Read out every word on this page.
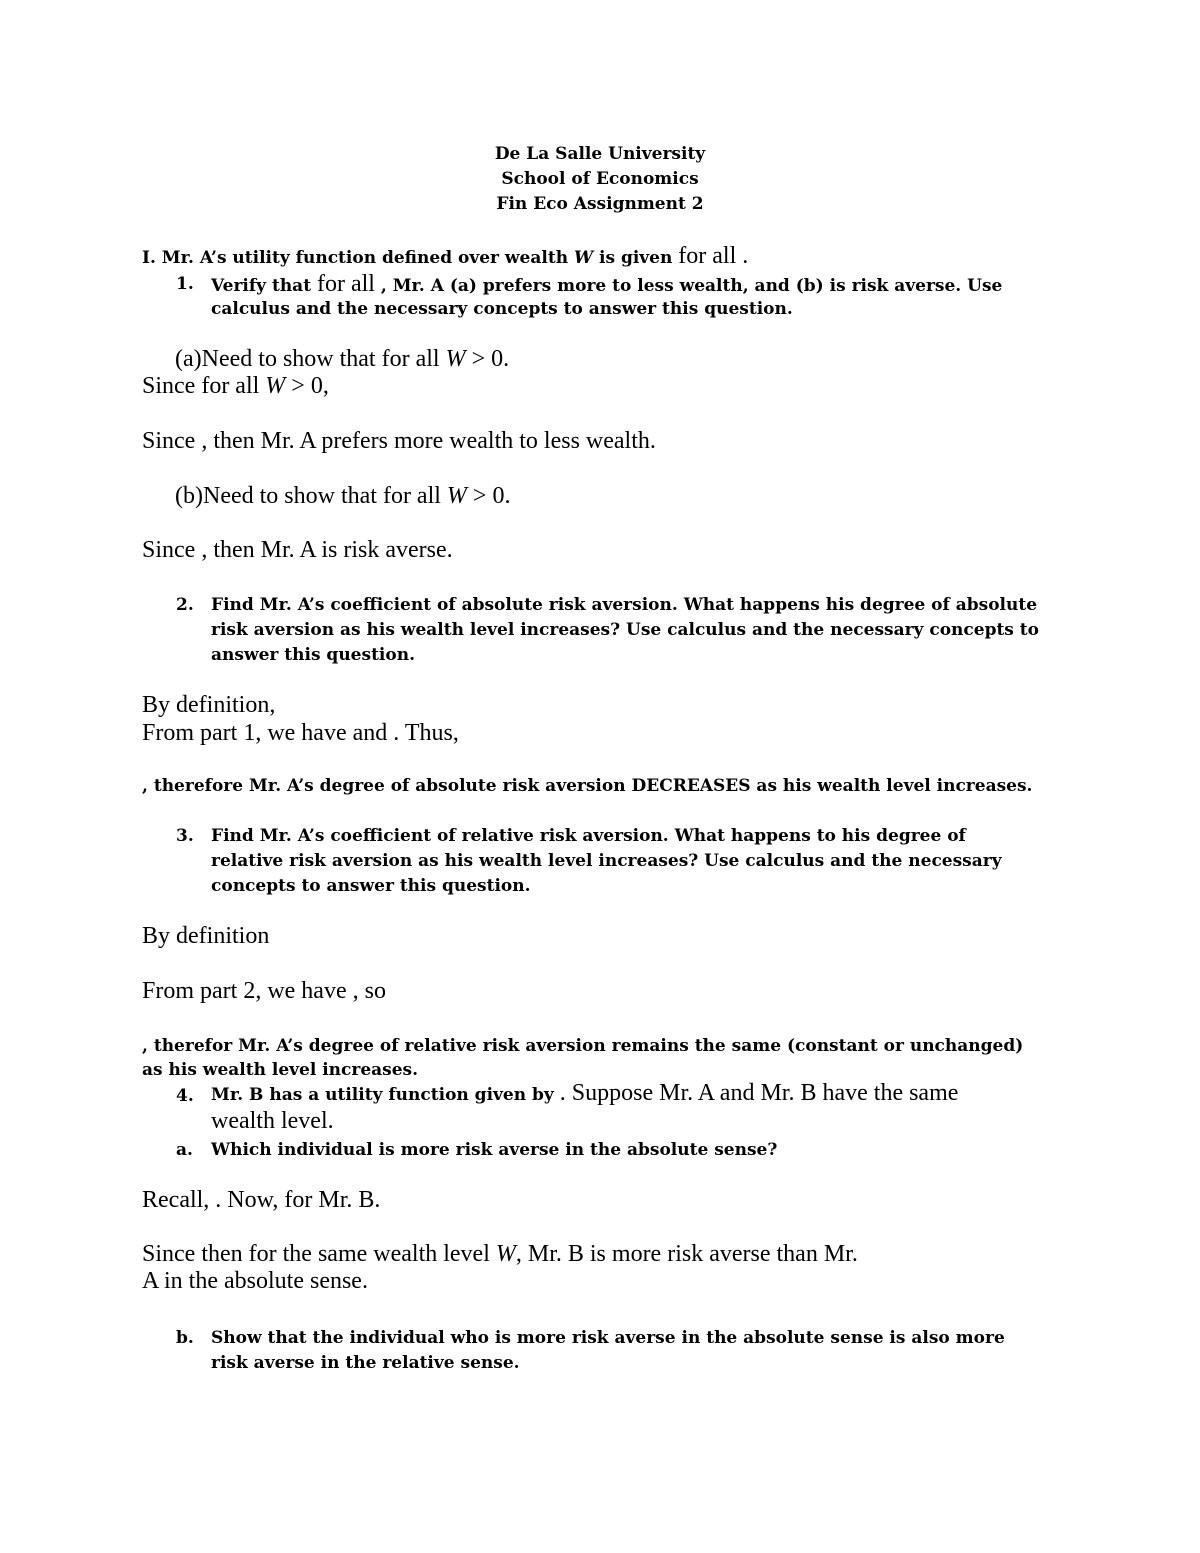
De La Salle University
School of Economics
Fin Eco Assignment 2
I. Mr. A’s utility function defined over wealth W is given for all .
1. Verify that for all , Mr. A (a) prefers more to less wealth, and (b) is risk averse. Use
calculus and the necessary concepts to answer this question.
(a)Need to show that for all W > 0.
Since for all W > 0,
Since , then Mr. A prefers more wealth to less wealth.
(b)Need to show that for all W > 0.
Since , then Mr. A is risk averse.
2. Find Mr. A’s coefficient of absolute risk aversion. What happens his degree of absolute
risk aversion as his wealth level increases? Use calculus and the necessary concepts to
answer this question.
By definition,
From part 1, we have and . Thus,
, therefore Mr. A’s degree of absolute risk aversion DECREASES as his wealth level increases.
3. Find Mr. A’s coefficient of relative risk aversion. What happens to his degree of
relative risk aversion as his wealth level increases? Use calculus and the necessary
concepts to answer this question.
By definition
From part 2, we have , so
, therefor Mr. A’s degree of relative risk aversion remains the same (constant or unchanged)
as his wealth level increases.
4. Mr. B has a utility function given by . Suppose Mr. A and Mr. B have the same
wealth level.
a. Which individual is more risk averse in the absolute sense?
Recall, . Now, for Mr. B.
Since then for the same wealth level W, Mr. B is more risk averse than Mr.
A in the absolute sense.
b. Show that the individual who is more risk averse in the absolute sense is also more
risk averse in the relative sense.
